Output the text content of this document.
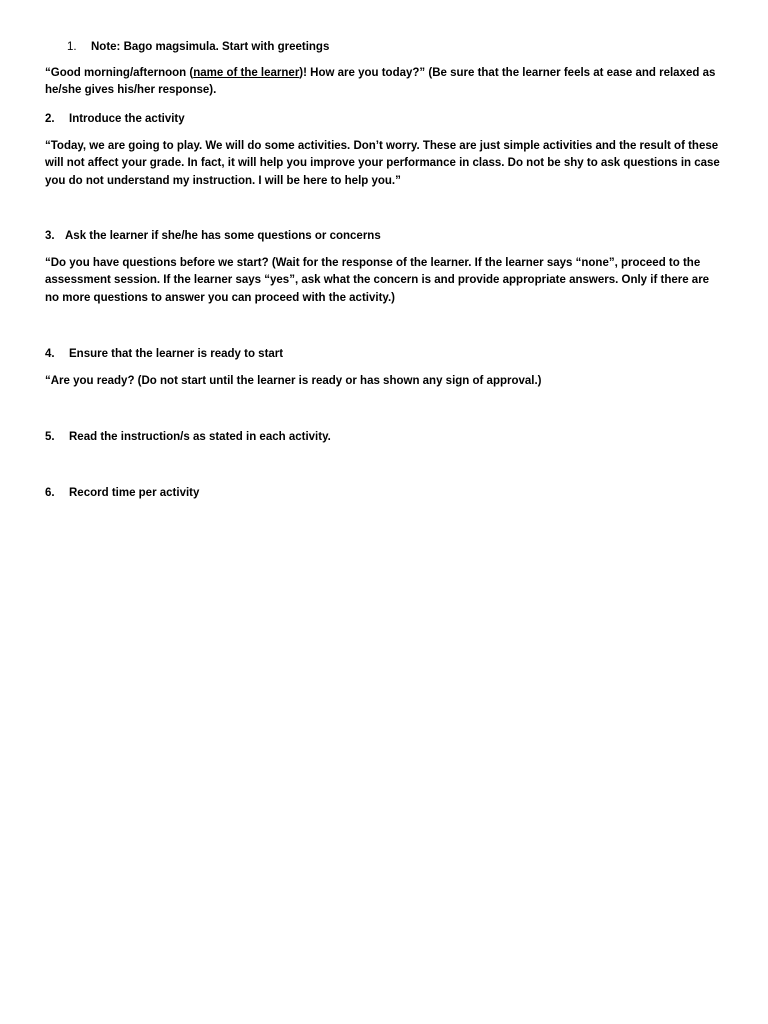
1. Note: Bago magsimula. Start with greetings
“Good morning/afternoon (name of the learner)! How are you today?” (Be sure that the learner feels at ease and relaxed as he/she gives his/her response).
2. Introduce the activity
“Today, we are going to play. We will do some activities. Don’t worry. These are just simple activities and the result of these will not affect your grade. In fact, it will help you improve your performance in class. Do not be shy to ask questions in case you do not understand my instruction. I will be here to help you.”
3. Ask the learner if she/he has some questions or concerns
“Do you have questions before we start? (Wait for the response of the learner. If the learner says “none”, proceed to the assessment session. If the learner says “yes”, ask what the concern is and provide appropriate answers. Only if there are no more questions to answer you can proceed with the activity.)
4. Ensure that the learner is ready to start
“Are you ready? (Do not start until the learner is ready or has shown any sign of approval.)
5. Read the instruction/s as stated in each activity.
6. Record time per activity
